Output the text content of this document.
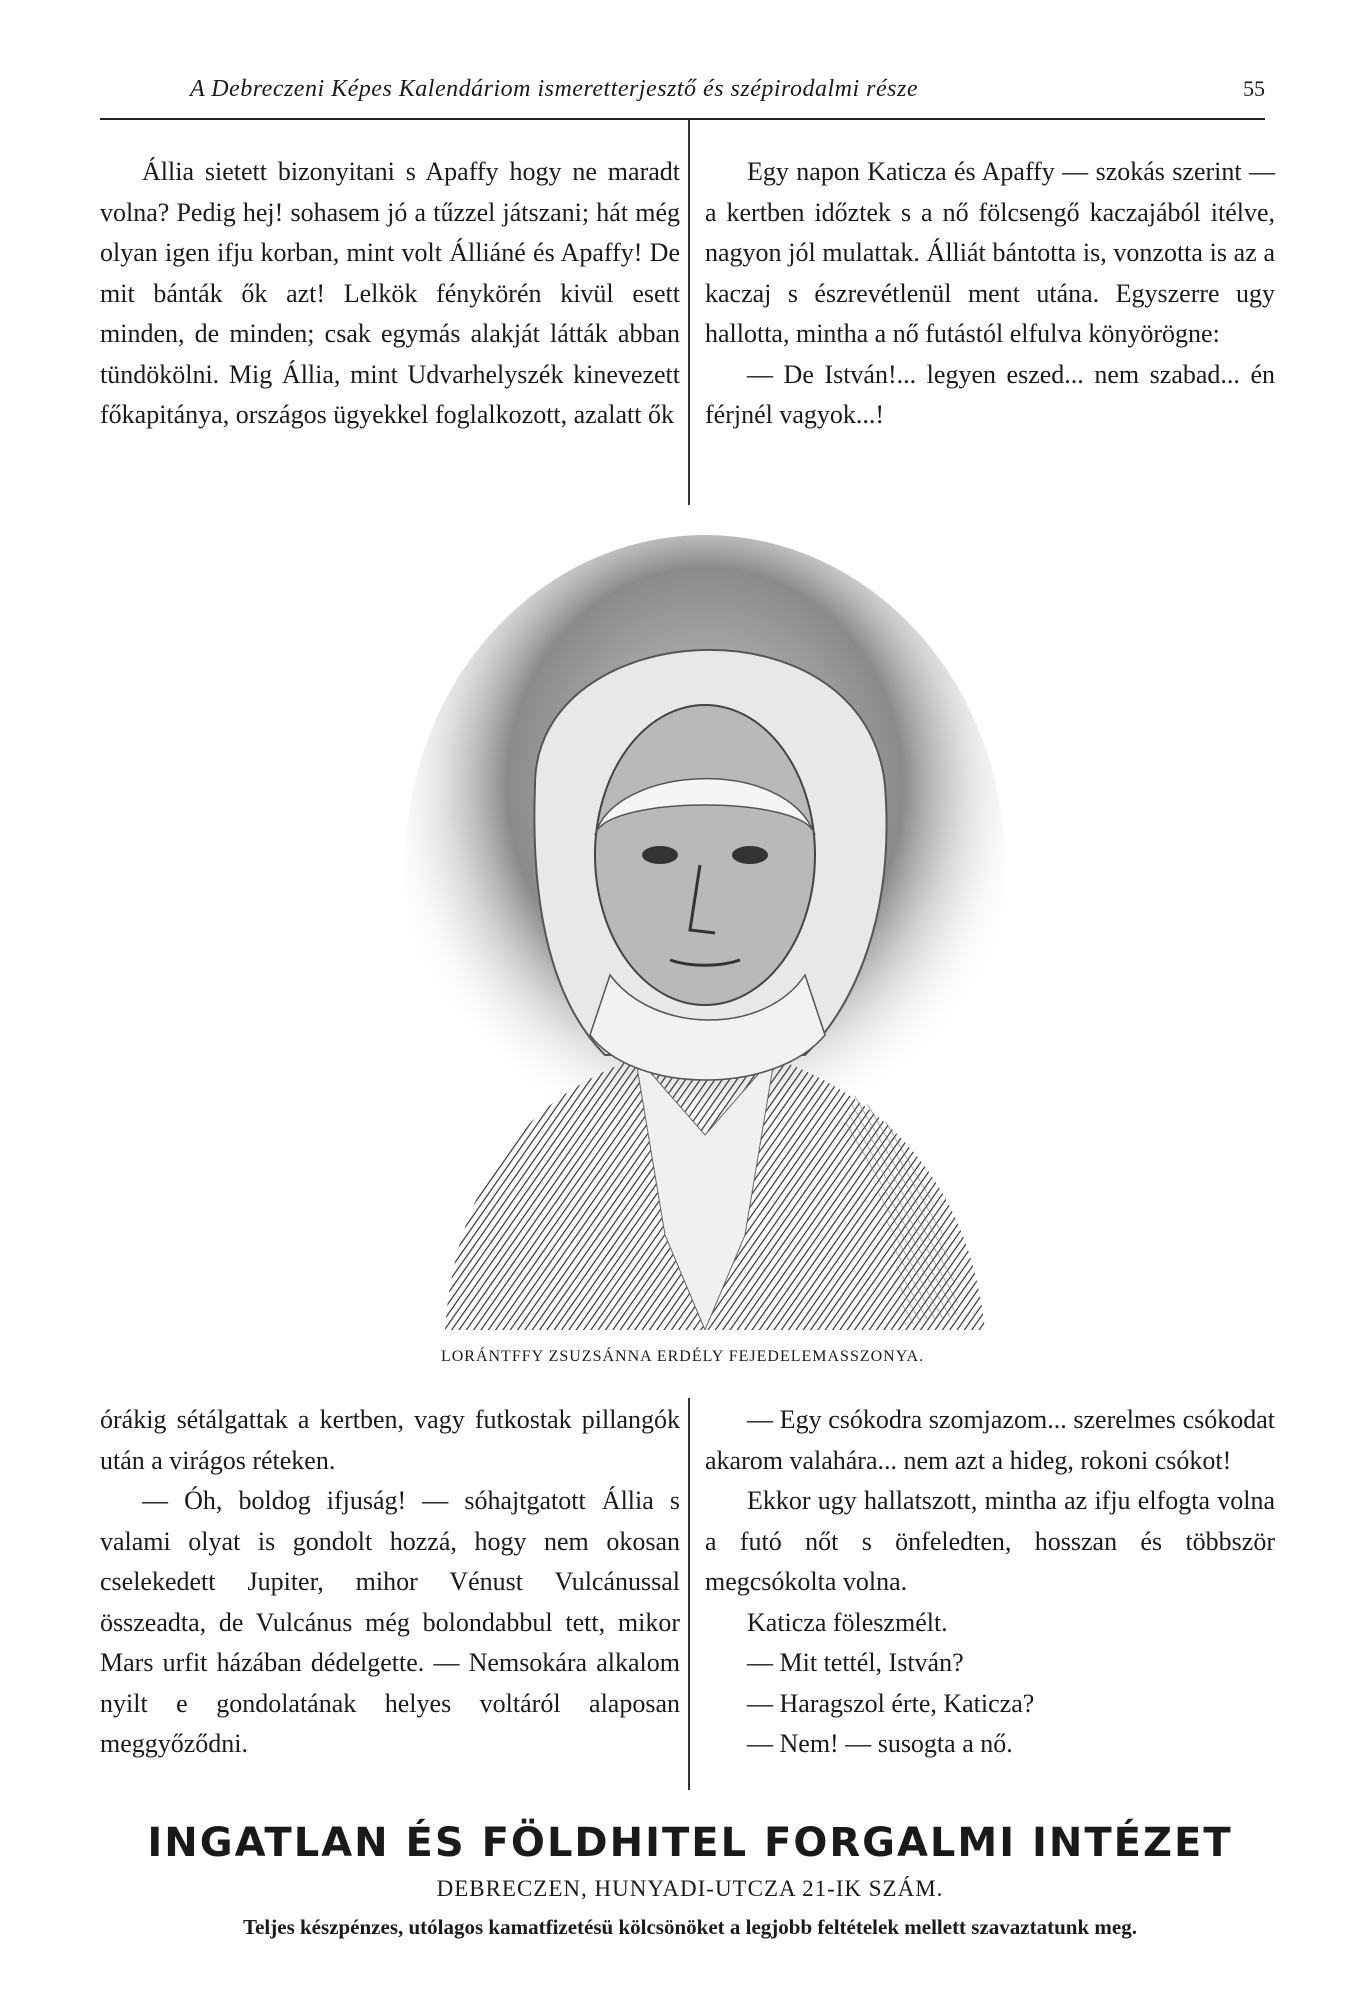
A Debreczeni Képes Kalendáriom ismeretterjesztő és szépirodalmi része	55

Állia sietett bizonyitani s Apaffy hogy ne maradt volna? Pedig hej! sohasem jó a tűzzel játszani; hát még olyan igen ifju korban, mint volt Álliáné és Apaffy! De mit bánták ők azt! Lelkök fénykörén kivül esett minden, de minden; csak egymás alakját látták abban tündökölni. Mig Állia, mint Udvarhelyszék kinevezett főkapitánya, országos ügyekkel foglalkozott, azalatt ők

Egy napon Katicza és Apaffy — szokás szerint — a kertben időztek s a nő fölcsengő kaczajából itélve, nagyon jól mulattak. Álliát bántotta is, vonzotta is az a kaczaj s észrevétlenül ment utána. Egyszerre ugy hallotta, mintha a nő futástól elfulva könyörögne:

— De István!... legyen eszed... nem szabad... én férjnél vagyok...!

LORÁNTFFY ZSUZSÁNNA ERDÉLY FEJEDELEMASSZONYA.

órákig sétálgattak a kertben, vagy futkostak pillangók után a virágos réteken.

— Óh, boldog ifjuság! — sóhajtgatott Állia s valami olyat is gondolt hozzá, hogy nem okosan cselekedett Jupiter, mihor Vénust Vulcánussal összeadta, de Vulcánus még bolondabbul tett, mikor Mars urfit házában dédelgette. — Nemsokára alkalom nyilt e gondolatának helyes voltáról alaposan meggyőződni.

— Egy csókodra szomjazom... szerelmes csókodat akarom valahára... nem azt a hideg, rokoni csókot!

Ekkor ugy hallatszott, mintha az ifju elfogta volna a futó nőt s önfeledten, hosszan és többször megcsókolta volna.

Katicza föleszmélt.

— Mit tettél, István?

— Haragszol érte, Katicza?

— Nem! — susogta a nő.

INGATLAN ÉS FÖLDHITEL FORGALMI INTÉZET
DEBRECZEN, HUNYADI-UTCZA 21-IK SZÁM.
Teljes készpénzes, utólagos kamatfizetésü kölcsönöket a legjobb feltételek mellett szavaztatunk meg.
